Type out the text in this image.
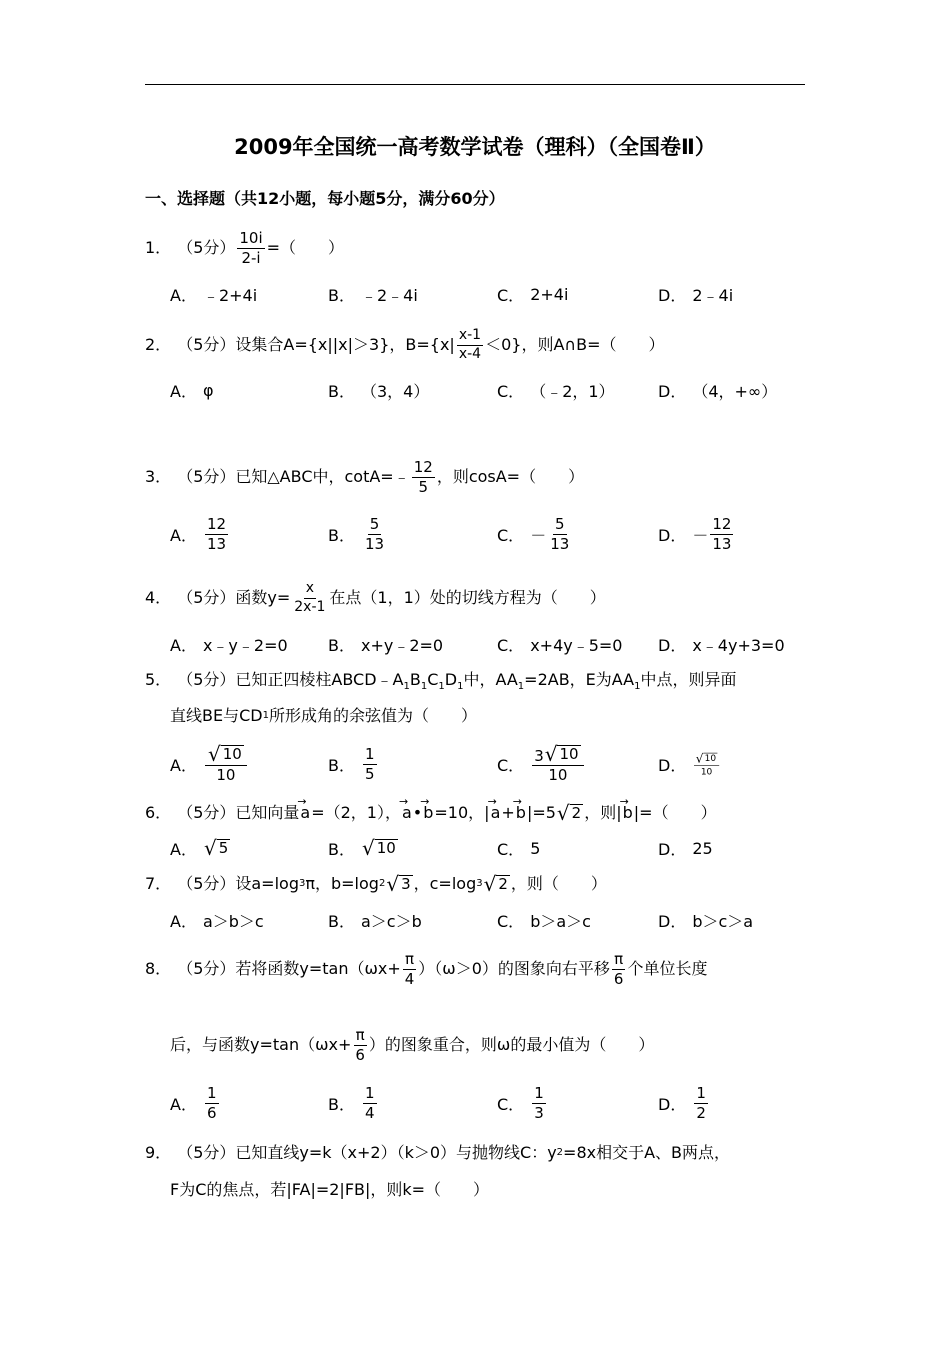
2009年全国统一高考数学试卷（理科）（全国卷Ⅱ）
一、选择题（共12小题，每小题5分，满分60分）
1． （5分） $\frac{10i}{2-i}$ =（　　）
A． ﹣2+4i	B． ﹣2﹣4i	C． 2+4i	D． 2﹣4i
2． （5分） 设集合A={x| |x|＞3}，$B=\{x| \frac{x-1}{x-4} <0\}$，则A∩B=（　　）
A． φ	B． （3，4）	C． （﹣2，1）	D． （4，+∞）
3． （5分） 已知△ABC中，cotA=﹣ $\frac{12}{5}$ ，则cosA=（　　）
A． $\frac{12}{13}$	B． $\frac{5}{13}$	C． － $\frac{5}{13}$	D． － $\frac{12}{13}$
4． （5分） 函数$y= \frac{x}{2x-1}$ 在点（1，1）处的切线方程为（　　）
A． x﹣y﹣2=0	B． x+y﹣2=0	C． x+4y﹣5=0 D． x﹣4y+3=0
5． （5分） 已知正四棱柱$ABCD﹣A_1B_1C_1D_1$中，$AA_1=2AB$，E为$AA_1$中点，则异面
直线BE与CD 1 所形成角的余弦值为（　　）
A． $\frac{√ 10}{10}$	B． $\frac{1}{5}$	C． $\frac{3 √ 10}{10}$	D． $\frac{√ 10}{10}$
6． （5分） 已知向量 → a =（2，1）， → a • → b =10，| → a + → b |=5 √ 2 ，则| → b |=（　　）
A． √ 5	B． √ 10	C． 5	D． 25
7． （5分） 设a=log 3 π，b=log 2 √ 3 ，c=log 3 √ 2 ，则（　　）
A． a＞b＞c	B． a＞c＞b	C． b＞a＞c	D． b＞c＞a
8． （5分） 若将函数$y=\tan(\omega x+ \frac{\pi}{4} )(\omega>0)$的图象向右平移 $\frac{\pi}{6}$ 个单位长度
后，与函数$y=\tan(\omega x+ \frac{\pi}{6}$ ）的图象重合，则ω的最小值为（　　）
A． $\frac{1}{6}$	B． $\frac{1}{4}$	C． $\frac{1}{3}$	D． $\frac{1}{2}$
9． （5分） 已知直线y=k（x+2）（k＞0）与抛物线C：y 2 =8x相交于A、B两点，
F为C的焦点，若|FA|=2|FB|，则k=（　　）
